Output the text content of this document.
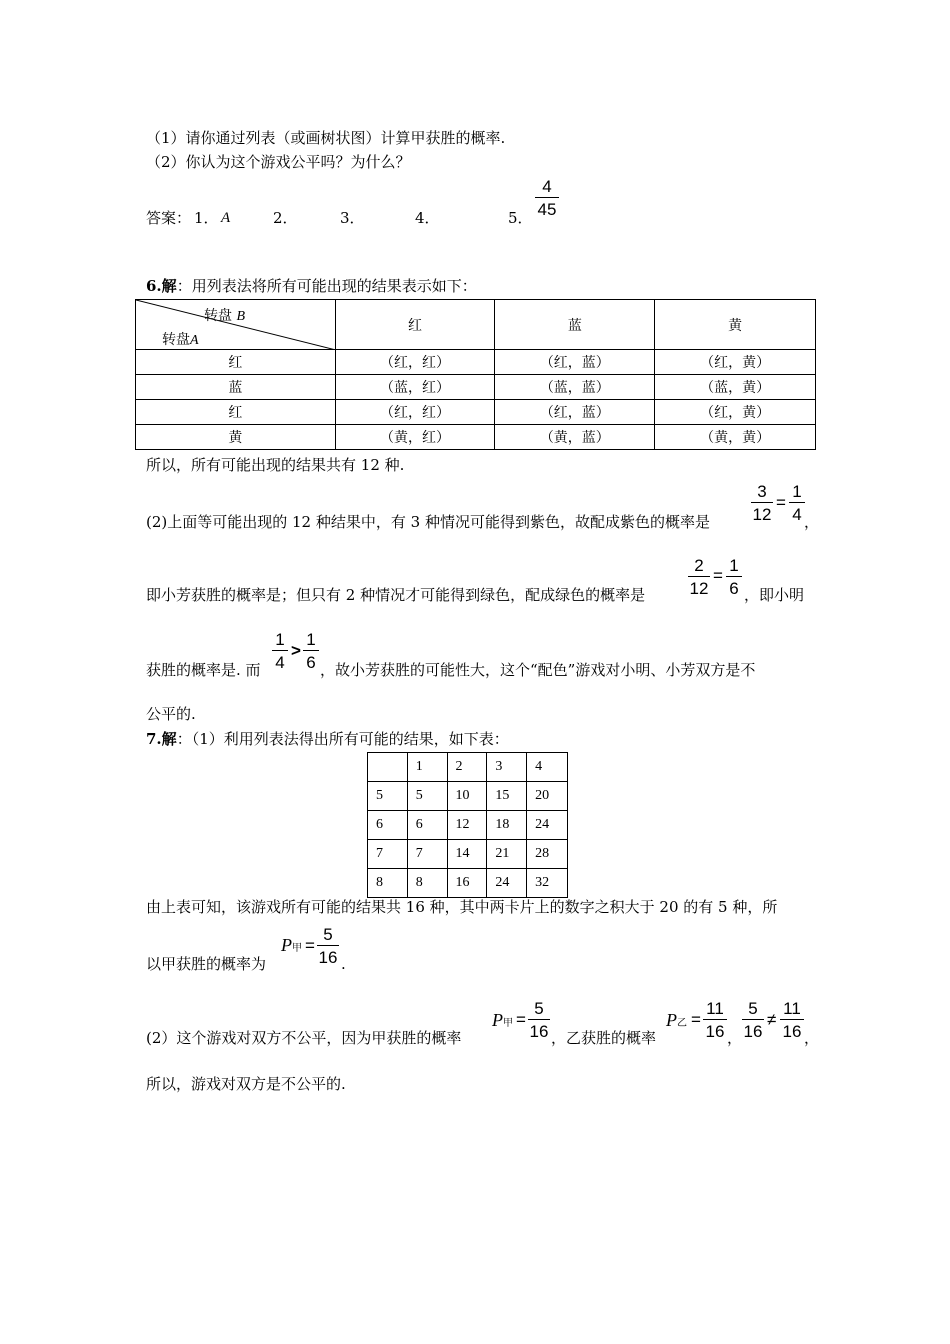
（1）请你通过列表（或画树状图）计算甲获胜的概率.
（2）你认为这个游戏公平吗？为什么？
答案： 1． A	2．	3．	4．	5．
4
45
6.解：用列表法将所有可能出现的结果表示如下：
转盘 B
转盘A	红	蓝	黄
红	（红，红）	（红，蓝）	（红，黄）
蓝	（蓝，红）	（蓝，蓝）	（蓝，黄）
红	（红，红）	（红，蓝）	（红，黄）
黄	（黄，红）	（黄，蓝）	（黄，黄）
所以，所有可能出现的结果共有 12 种.
(2)上面等可能出现的 12 种结果中，有 3 种情况可能得到紫色，故配成紫色的概率是
3
12
=
1
4 ，
即小芳获胜的概率是；但只有 2 种情况才可能得到绿色，配成绿色的概率是
2
12
=
1
6 ，即小明
获胜的概率是. 而
1
4
>
1
6 ，故小芳获胜的可能性大，这个“配色”游戏对小明、小芳双方是不
公平的.
7.解：（1）利用列表法得出所有可能的结果，如下表：
	1	2	3	4
5	5	10	15	20
6	6	12	18	24
7	7	14	21	28
8	8	16	24	32
由上表可知，该游戏所有可能的结果共 16 种，其中两卡片上的数字之积大于 20 的有 5 种，所
以甲获胜的概率为
P甲 =
5
16 .
(2）这个游戏对双方不公平，因为甲获胜的概率
P甲 =
5
16 ，乙获胜的概率
P乙 =
11
16 ，
5
16
≠
11
16 ，
所以，游戏对双方是不公平的.
